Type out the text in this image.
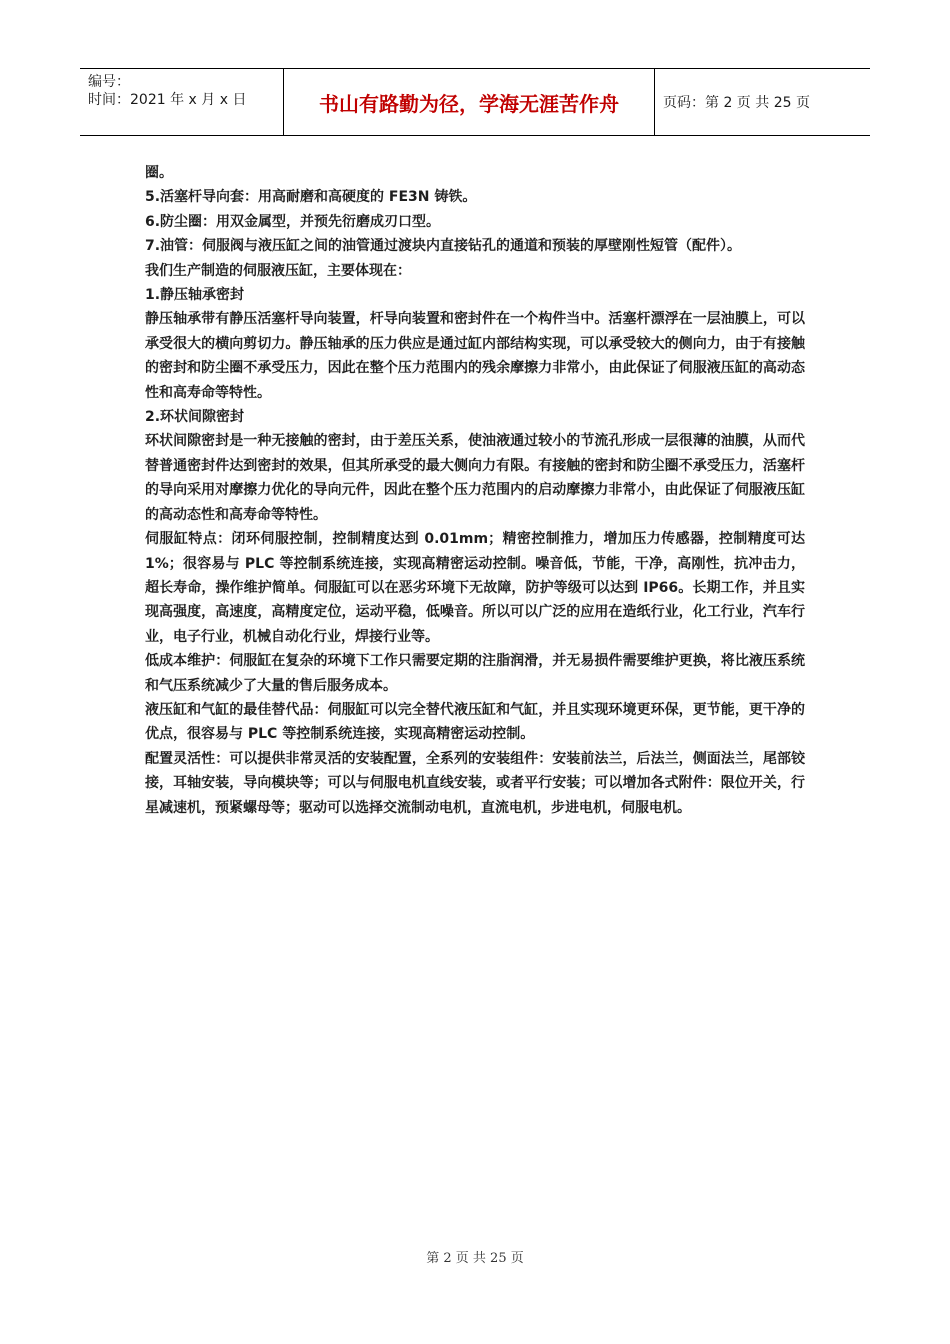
编号：
时间：2021 年 x 月 x 日	书山有路勤为径，学海无涯苦作舟	页码：第 2 页 共 25 页

圈。

5.活塞杆导向套：用高耐磨和高硬度的 FE3N 铸铁。

6.防尘圈：用双金属型，并预先衍磨成刃口型。

7.油管：伺服阀与液压缸之间的油管通过渡块内直接钻孔的通道和预装的厚壁刚性短管（配件）。

我们生产制造的伺服液压缸，主要体现在：

1.静压轴承密封

静压轴承带有静压活塞杆导向装置，杆导向装置和密封件在一个构件当中。活塞杆漂浮在一层油膜上，可以承受很大的横向剪切力。静压轴承的压力供应是通过缸内部结构实现，可以承受较大的侧向力，由于有接触的密封和防尘圈不承受压力，因此在整个压力范围内的残余摩擦力非常小，由此保证了伺服液压缸的高动态性和高寿命等特性。

2.环状间隙密封

环状间隙密封是一种无接触的密封，由于差压关系，使油液通过较小的节流孔形成一层很薄的油膜，从而代替普通密封件达到密封的效果，但其所承受的最大侧向力有限。有接触的密封和防尘圈不承受压力，活塞杆的导向采用对摩擦力优化的导向元件，因此在整个压力范围内的启动摩擦力非常小，由此保证了伺服液压缸的高动态性和高寿命等特性。

伺服缸特点：闭环伺服控制，控制精度达到 0.01mm；精密控制推力，增加压力传感器，控制精度可达 1%；很容易与 PLC 等控制系统连接，实现高精密运动控制。噪音低，节能，干净，高刚性，抗冲击力，超长寿命，操作维护简单。伺服缸可以在恶劣环境下无故障，防护等级可以达到 IP66。长期工作，并且实现高强度，高速度，高精度定位，运动平稳，低噪音。所以可以广泛的应用在造纸行业，化工行业，汽车行业，电子行业，机械自动化行业，焊接行业等。

低成本维护：伺服缸在复杂的环境下工作只需要定期的注脂润滑，并无易损件需要维护更换，将比液压系统和气压系统减少了大量的售后服务成本。

液压缸和气缸的最佳替代品：伺服缸可以完全替代液压缸和气缸，并且实现环境更环保，更节能，更干净的优点，很容易与 PLC 等控制系统连接，实现高精密运动控制。

配置灵活性：可以提供非常灵活的安装配置，全系列的安装组件：安装前法兰，后法兰，侧面法兰，尾部铰接，耳轴安装，导向模块等；可以与伺服电机直线安装，或者平行安装；可以增加各式附件：限位开关，行星减速机，预紧螺母等；驱动可以选择交流制动电机，直流电机，步进电机，伺服电机。

第 2 页 共 25 页
